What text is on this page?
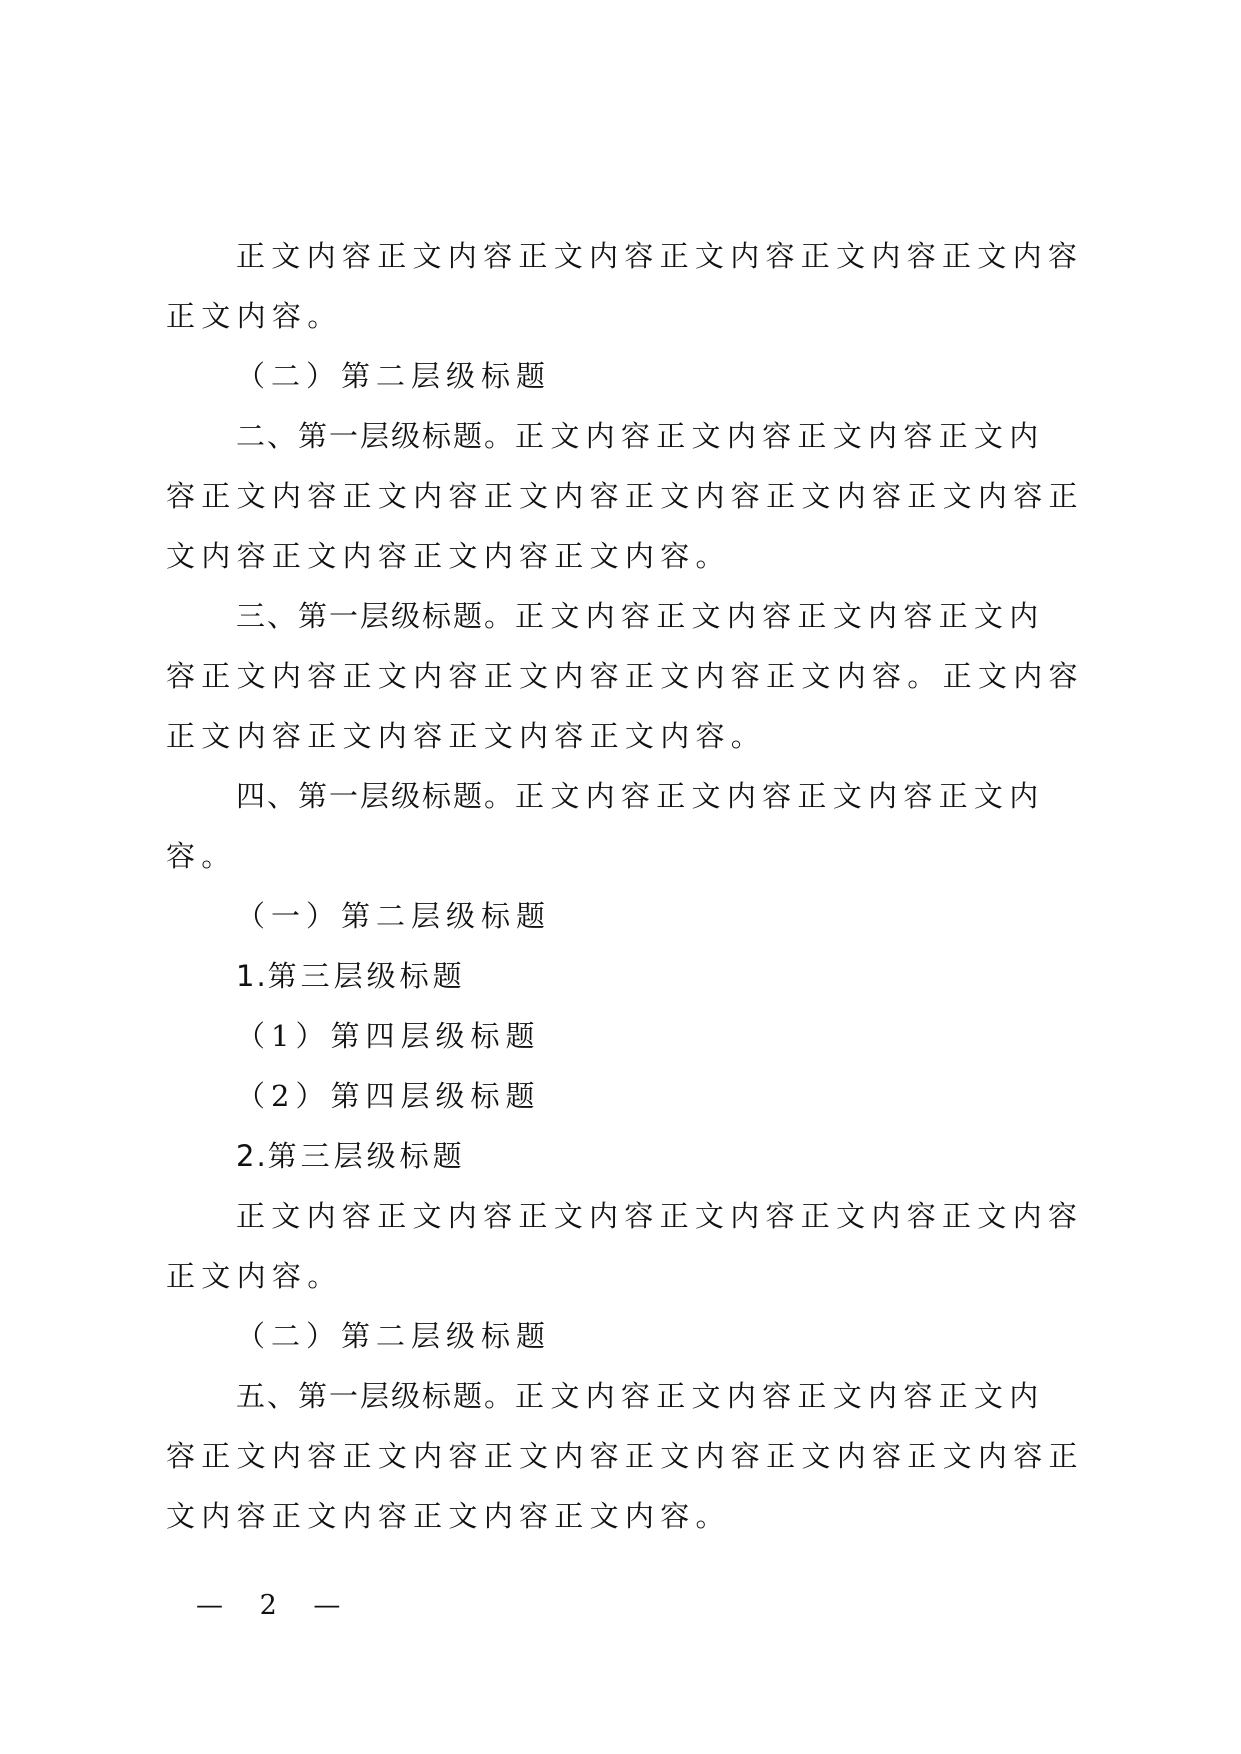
正文内容正文内容正文内容正文内容正文内容正文内容
正文内容。
（二）第二层级标题
二、第一层级标题。正文内容正文内容正文内容正文内
容正文内容正文内容正文内容正文内容正文内容正文内容正
文内容正文内容正文内容正文内容。
三、第一层级标题。正文内容正文内容正文内容正文内
容正文内容正文内容正文内容正文内容正文内容。正文内容
正文内容正文内容正文内容正文内容。
四、第一层级标题。正文内容正文内容正文内容正文内
容。
（一）第二层级标题
1.第三层级标题
（1）第四层级标题
（2）第四层级标题
2.第三层级标题
正文内容正文内容正文内容正文内容正文内容正文内容
正文内容。
（二）第二层级标题
五、第一层级标题。正文内容正文内容正文内容正文内
容正文内容正文内容正文内容正文内容正文内容正文内容正
文内容正文内容正文内容正文内容。
— 2 —
